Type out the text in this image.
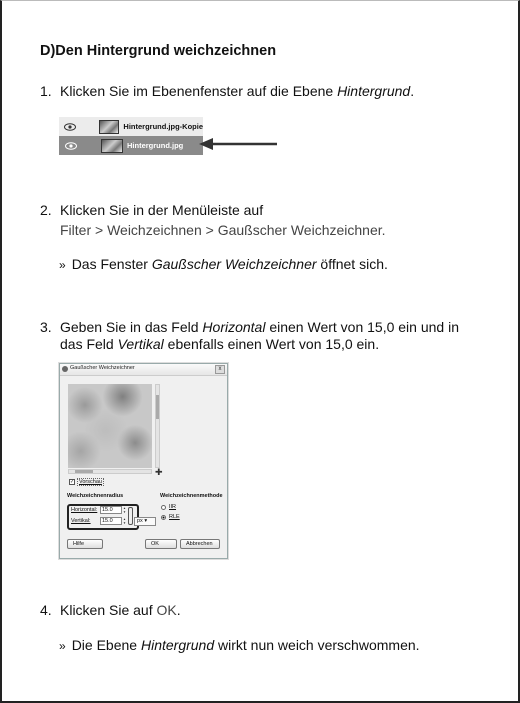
D)Den Hintergrund weichzeichnen
1. Klicken Sie im Ebenenfenster auf die Ebene Hintergrund.
Hintergrund.jpg-Kopie
Hintergrund.jpg
2. Klicken Sie in der Menüleiste auf
Filter > Weichzeichnen > Gaußscher Weichzeichner.
» Das Fenster Gaußscher Weichzeichner öffnet sich.
3. Geben Sie in das Feld Horizontal einen Wert von 15,0 ein und in
das Feld Vertikal ebenfalls einen Wert von 15,0 ein.
Gaußscher Weichzeichner	x
✚
✓ Vorschau
Weichzeichnenradius	Weichzeichnenmethode
Horizontal: 15.0	▲
▼
Vertikal:	15.0	▲
▼	px ▾
IIR
RLE
Hilfe	OK	Abbrechen
4. Klicken Sie auf OK.
» Die Ebene Hintergrund wirkt nun weich verschwommen.
